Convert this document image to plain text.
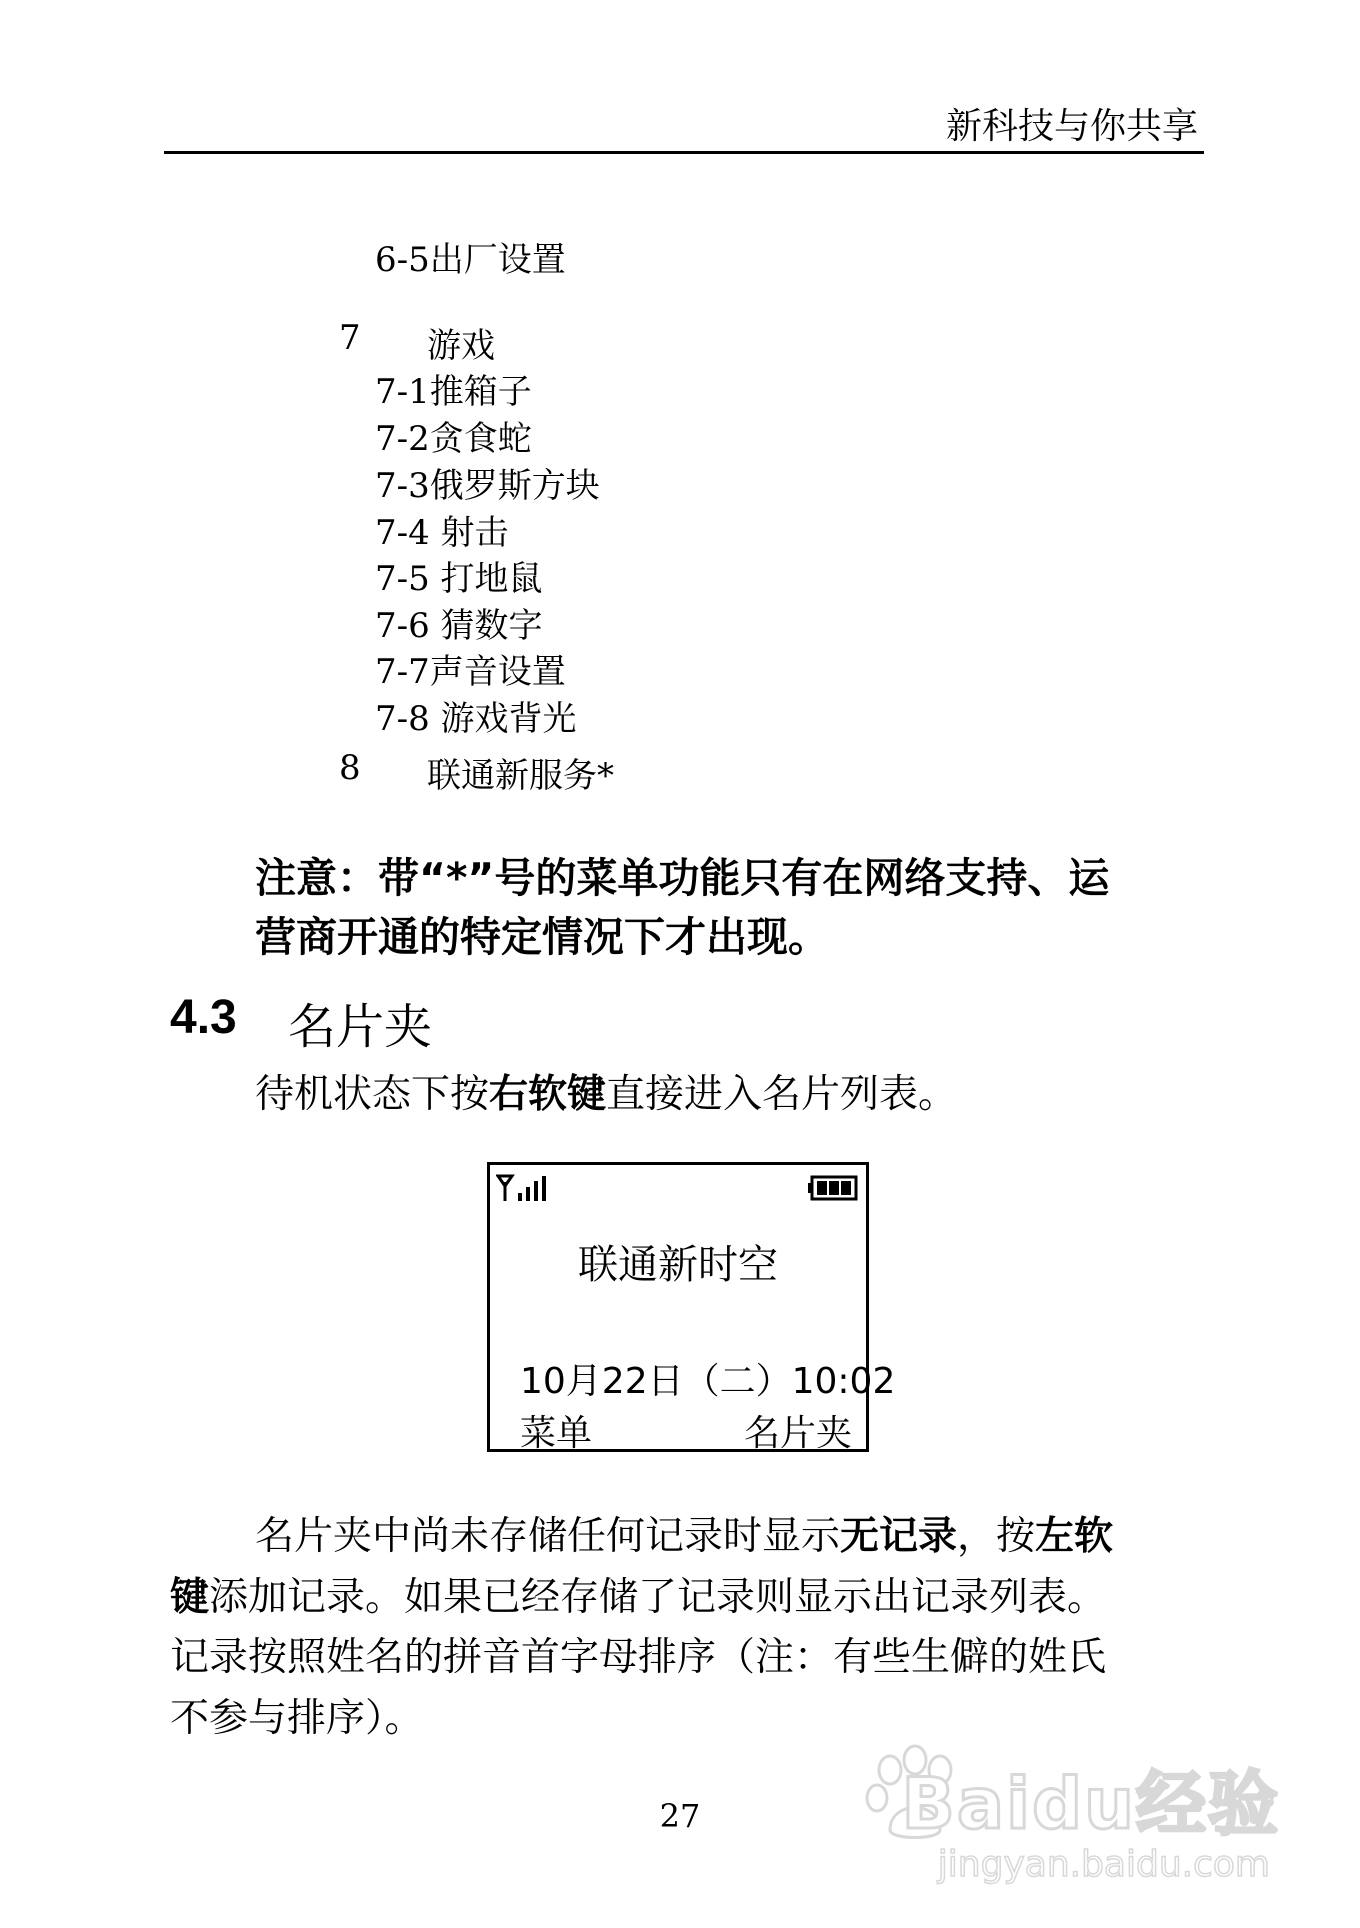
新科技与你共享
6-5出厂设置
7 游戏
7-1推箱子
7-2贪食蛇
7-3俄罗斯方块
7-4 射击
7-5 打地鼠
7-6 猜数字
7-7声音设置
7-8 游戏背光
8 联通新服务*
注意：带“*”号的菜单功能只有在网络支持、运
营商开通的特定情况下才出现。
4.3 名片夹
待机状态下按右软键直接进入名片列表。
联通新时空
10月22日（二）10:02
菜单	名片夹
名片夹中尚未存储任何记录时显示无记录，按左软
键添加记录。如果已经存储了记录则显示出记录列表。
记录按照姓名的拼音首字母排序（注：有些生僻的姓氏
不参与排序）。
27	Baidu经验
jingyan.baidu.com
